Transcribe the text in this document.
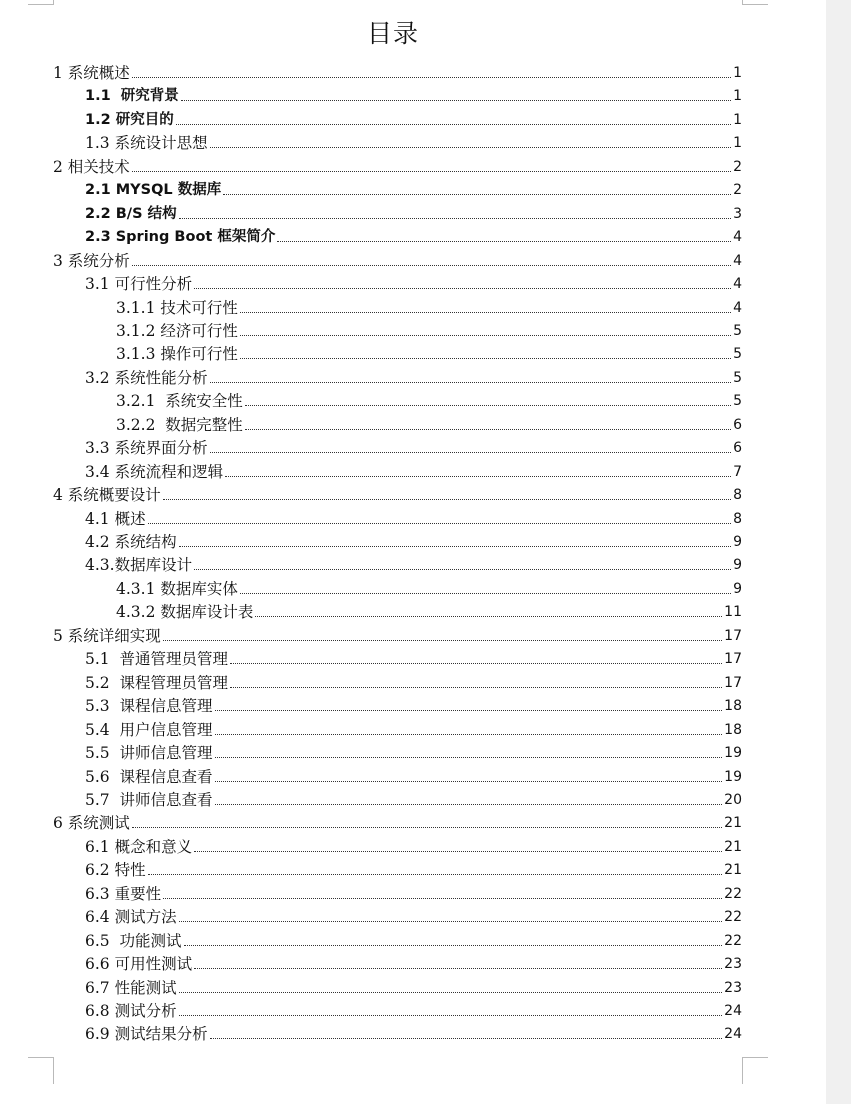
目录
1 系统概述	1
1.1  研究背景	1
1.2 研究目的	1
1.3 系统设计思想	1
2 相关技术	2
2.1 MYSQL 数据库	2
2.2 B/S 结构	3
2.3 Spring Boot 框架简介	4
3 系统分析	4
3.1 可行性分析	4
3.1.1 技术可行性	4
3.1.2 经济可行性	5
3.1.3 操作可行性	5
3.2 系统性能分析	5
3.2.1  系统安全性	5
3.2.2  数据完整性	6
3.3 系统界面分析	6
3.4 系统流程和逻辑	7
4 系统概要设计	8
4.1 概述	8
4.2 系统结构	9
4.3.数据库设计	9
4.3.1 数据库实体	9
4.3.2 数据库设计表	11
5 系统详细实现	17
5.1  普通管理员管理	17
5.2  课程管理员管理	17
5.3  课程信息管理	18
5.4  用户信息管理	18
5.5  讲师信息管理	19
5.6  课程信息查看	19
5.7  讲师信息查看	20
6 系统测试	21
6.1 概念和意义	21
6.2 特性	21
6.3 重要性	22
6.4 测试方法	22
6.5  功能测试	22
6.6 可用性测试	23
6.7 性能测试	23
6.8 测试分析	24
6.9 测试结果分析	24
